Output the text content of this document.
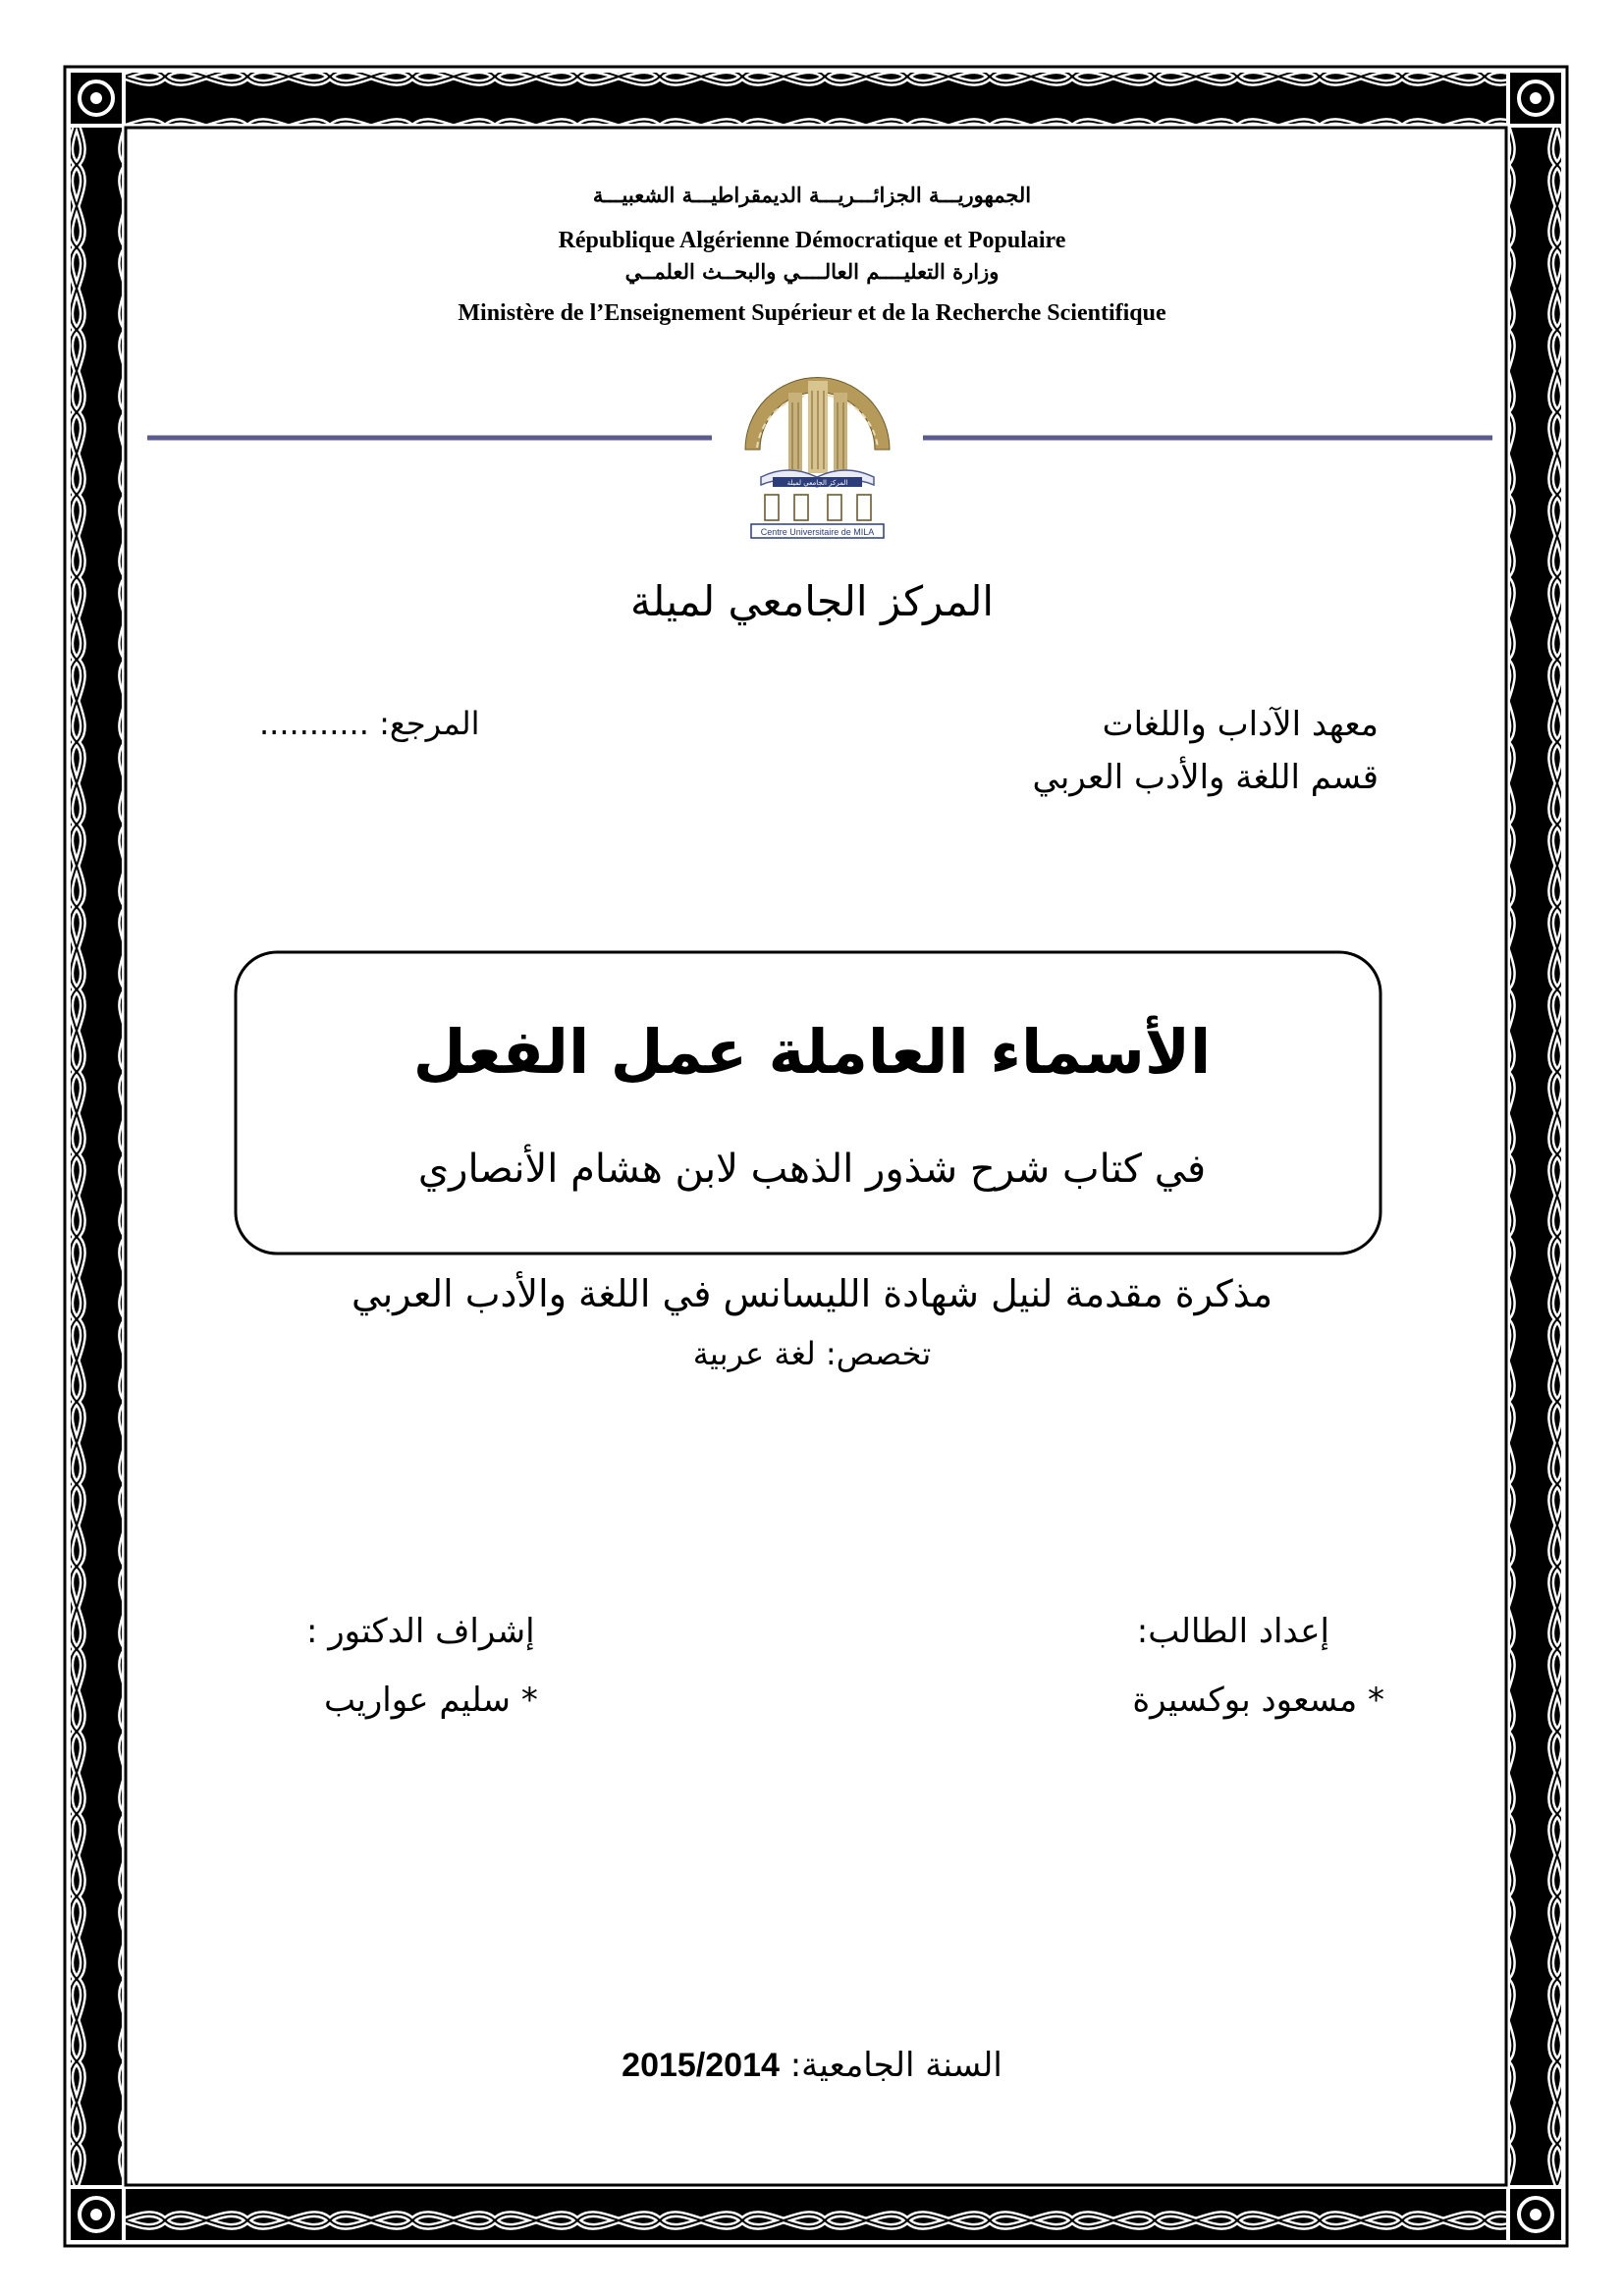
الجمهوريـــة الجزائـــريـــة الديمقراطيـــة الشعبيـــة
République Algérienne Démocratique et Populaire
وزارة التعليــــم العالــــي والبحــث العلمــي
Ministère de l’Enseignement Supérieur et de la Recherche Scientifique
المركز الجامعي لميلة
Centre Universitaire de MILA
المركز الجامعي لميلة
معهد الآداب واللغات
قسم اللغة والأدب العربي
المرجع: ...........
الأسماء العاملة عمل الفعل
في كتاب شرح شذور الذهب لابن هشام الأنصاري
مذكرة مقدمة لنيل شهادة الليسانس في اللغة والأدب العربي
تخصص: لغة عربية
إعداد الطالب:
* مسعود بوكسيرة
إشراف الدكتور :
* سليم عواريب
السنة الجامعية: 2015/2014
